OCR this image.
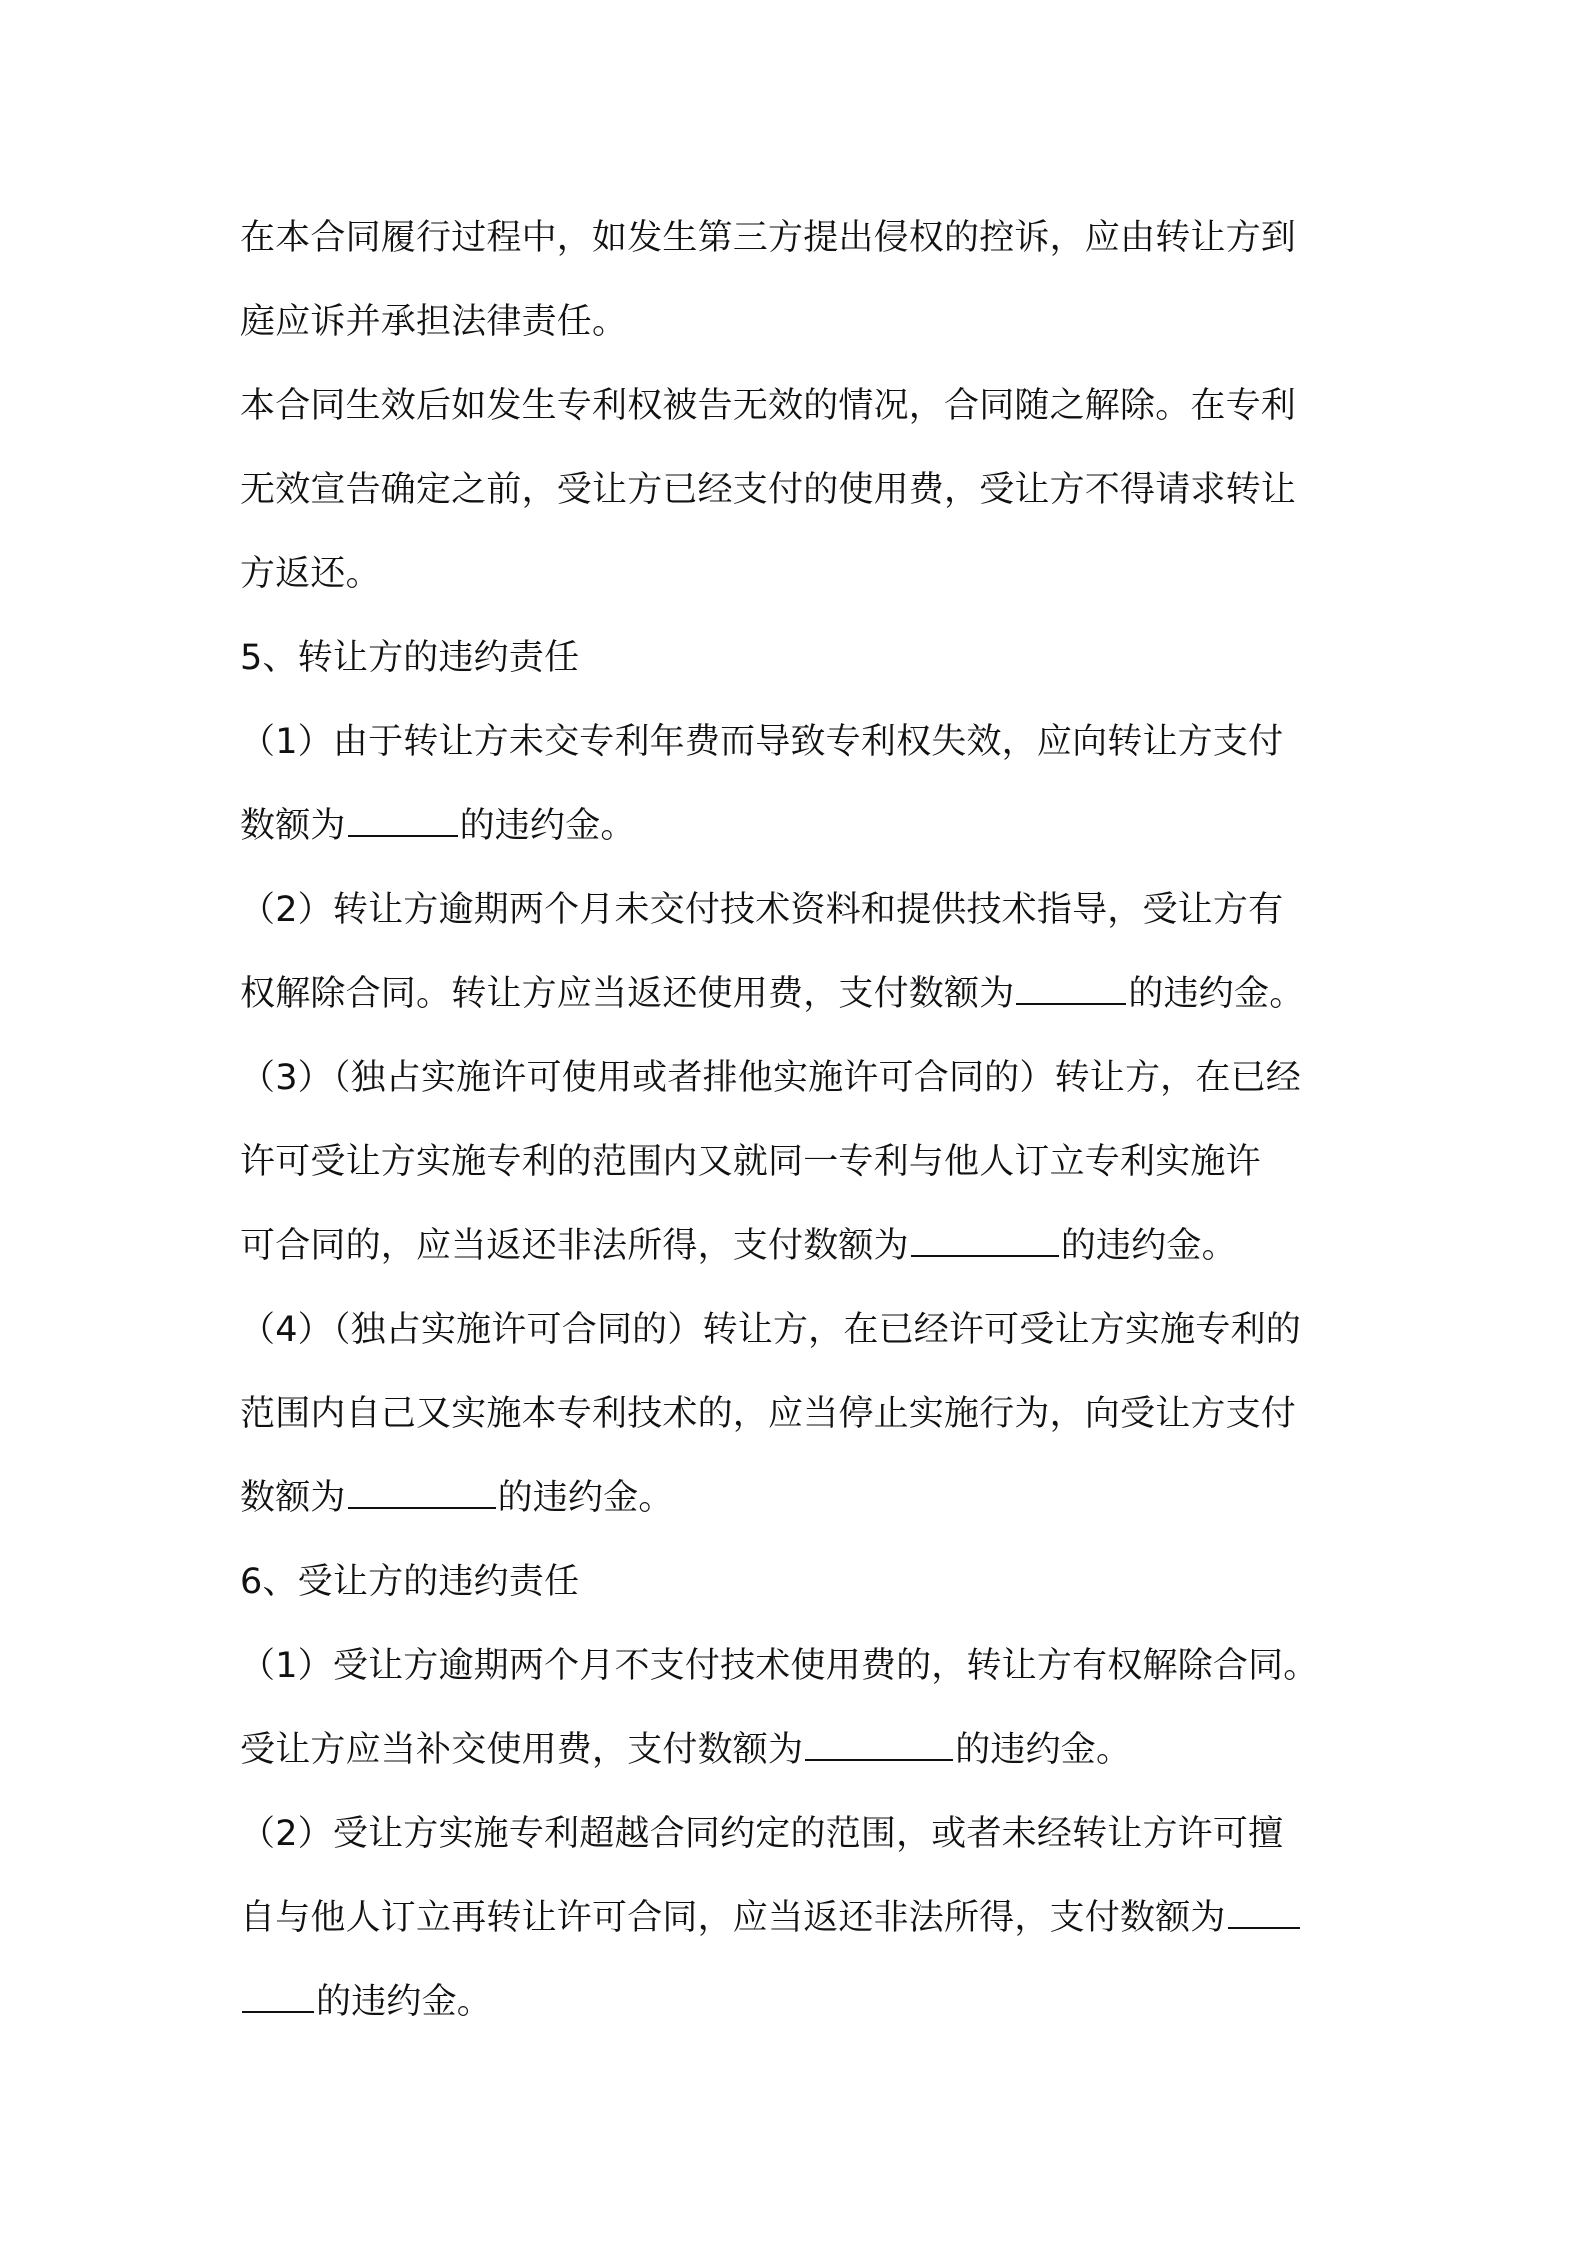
在本合同履行过程中，如发生第三方提出侵权的控诉，应由转让方到
庭应诉并承担法律责任。
本合同生效后如发生专利权被告无效的情况，合同随之解除。在专利
无效宣告确定之前，受让方已经支付的使用费，受让方不得请求转让
方返还。
5、转让方的违约责任
（1）由于转让方未交专利年费而导致专利权失效，应向转让方支付
数额为	的违约金。
（2）转让方逾期两个月未交付技术资料和提供技术指导，受让方有
权解除合同。转让方应当返还使用费，支付数额为	的违约金。
（3）（独占实施许可使用或者排他实施许可合同的）转让方，在已经
许可受让方实施专利的范围内又就同一专利与他人订立专利实施许
可合同的，应当返还非法所得，支付数额为	的违约金。
（4）（独占实施许可合同的）转让方，在已经许可受让方实施专利的
范围内自己又实施本专利技术的，应当停止实施行为，向受让方支付
数额为	的违约金。
6、受让方的违约责任
（1）受让方逾期两个月不支付技术使用费的，转让方有权解除合同。
受让方应当补交使用费，支付数额为	的违约金。
（2）受让方实施专利超越合同约定的范围，或者未经转让方许可擅
自与他人订立再转让许可合同，应当返还非法所得，支付数额为
的违约金。
